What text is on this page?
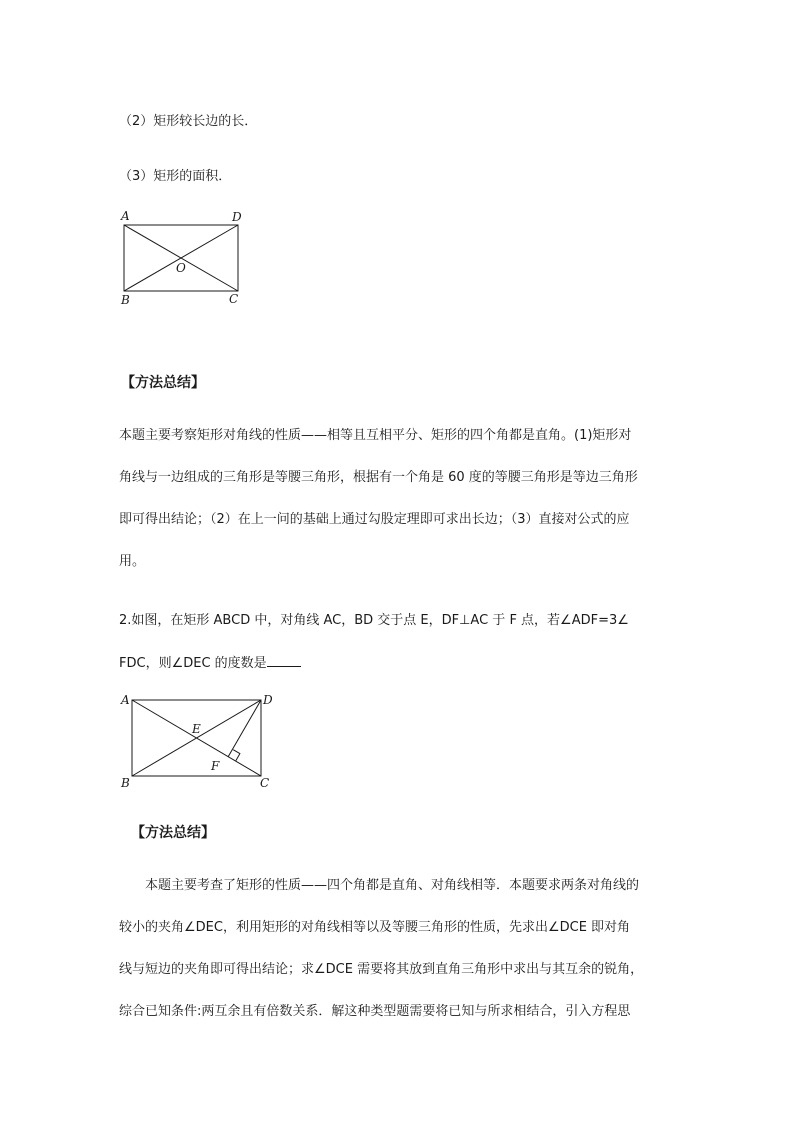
（2）矩形较长边的长．
（3）矩形的面积．
A	D
O
B	C
【方法总结】
本题主要考察矩形对角线的性质——相等且互相平分、矩形的四个角都是直角。(1)矩形对
角线与一边组成的三角形是等腰三角形，根据有一个角是 60 度的等腰三角形是等边三角形
即可得出结论；（2）在上一问的基础上通过勾股定理即可求出长边；（3）直接对公式的应
用。
2.如图，在矩形 ABCD 中，对角线 AC，BD 交于点 E，DF⊥AC 于 F 点，若∠ADF=3∠
FDC，则∠DEC 的度数是
A	D
E
F
B	C
【方法总结】
本题主要考查了矩形的性质——四个角都是直角、对角线相等．本题要求两条对角线的
较小的夹角∠DEC，利用矩形的对角线相等以及等腰三角形的性质，先求出∠DCE 即对角
线与短边的夹角即可得出结论；求∠DCE 需要将其放到直角三角形中求出与其互余的锐角，
综合已知条件:两互余且有倍数关系．解这种类型题需要将已知与所求相结合，引入方程思
